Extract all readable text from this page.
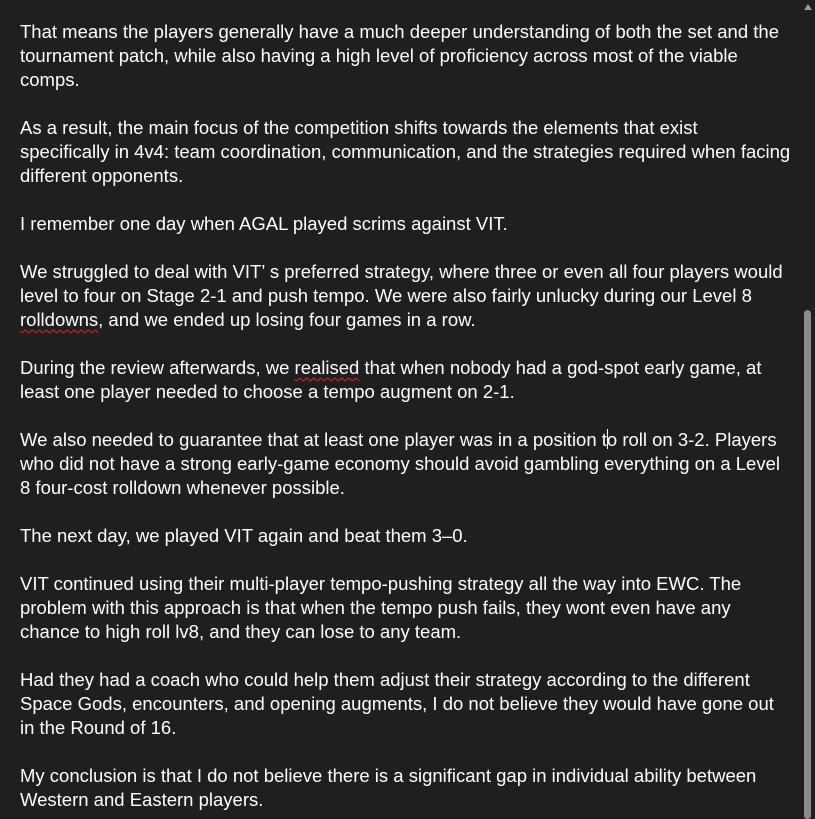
That means the players generally have a much deeper understanding of both the set and the tournament patch, while also having a high level of proficiency across most of the viable comps.

As a result, the main focus of the competition shifts towards the elements that exist specifically in 4v4: team coordination, communication, and the strategies required when facing different opponents.

I remember one day when AGAL played scrims against VIT.

We struggled to deal with VIT’ s preferred strategy, where three or even all four players would level to four on Stage 2-1 and push tempo. We were also fairly unlucky during our Level 8 rolldowns, and we ended up losing four games in a row.

During the review afterwards, we realised that when nobody had a god-spot early game, at least one player needed to choose a tempo augment on 2-1.

We also needed to guarantee that at least one player was in a position to roll on 3-2. Players who did not have a strong early-game economy should avoid gambling everything on a Level 8 four-cost rolldown whenever possible.

The next day, we played VIT again and beat them 3–0.

VIT continued using their multi-player tempo-pushing strategy all the way into EWC. The problem with this approach is that when the tempo push fails, they wont even have any chance to high roll lv8, and they can lose to any team.

Had they had a coach who could help them adjust their strategy according to the different Space Gods, encounters, and opening augments, I do not believe they would have gone out in the Round of 16.

My conclusion is that I do not believe there is a significant gap in individual ability between Western and Eastern players.
